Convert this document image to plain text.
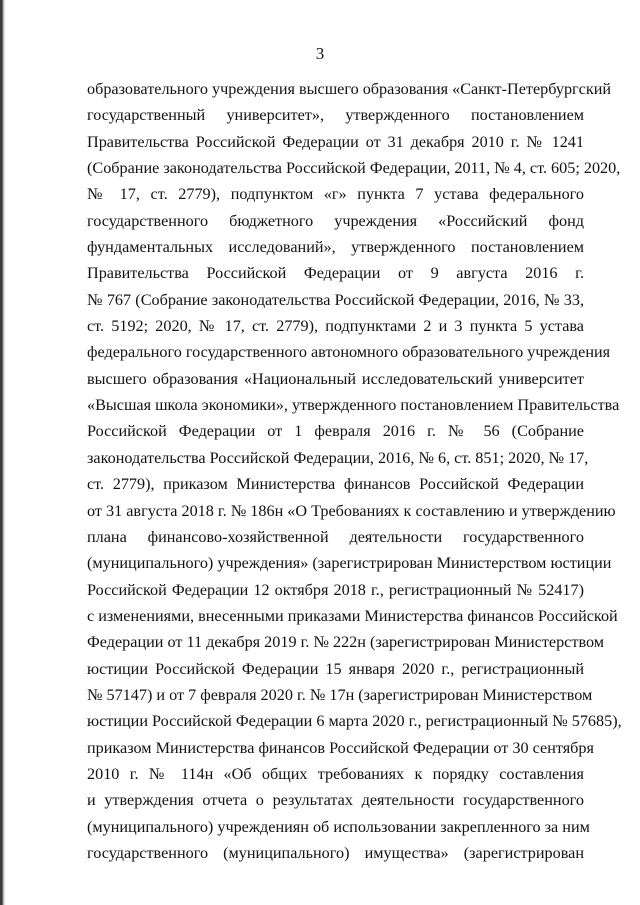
3
образовательного учреждения высшего образования «Санкт-Петербургский
государственный университет», утвержденного постановлением
Правительства Российской Федерации от 31 декабря 2010 г. № 1241
(Собрание законодательства Российской Федерации, 2011, № 4, ст. 605; 2020,
№ 17, ст. 2779), подпунктом «г» пункта 7 устава федерального
государственного бюджетного учреждения «Российский фонд
фундаментальных исследований», утвержденного постановлением
Правительства Российской Федерации от 9 августа 2016 г.
№ 767 (Собрание законодательства Российской Федерации, 2016, № 33,
ст. 5192; 2020, № 17, ст. 2779), подпунктами 2 и 3 пункта 5 устава
федерального государственного автономного образовательного учреждения
высшего образования «Национальный исследовательский университет
«Высшая школа экономики», утвержденного постановлением Правительства
Российской Федерации от 1 февраля 2016 г. № 56 (Собрание
законодательства Российской Федерации, 2016, № 6, ст. 851; 2020, № 17,
ст. 2779), приказом Министерства финансов Российской Федерации
от 31 августа 2018 г. № 186н «О Требованиях к составлению и утверждению
плана финансово-хозяйственной деятельности государственного
(муниципального) учреждения» (зарегистрирован Министерством юстиции
Российской Федерации 12 октября 2018 г., регистрационный № 52417)
с изменениями, внесенными приказами Министерства финансов Российской
Федерации от 11 декабря 2019 г. № 222н (зарегистрирован Министерством
юстиции Российской Федерации 15 января 2020 г., регистрационный
№ 57147) и от 7 февраля 2020 г. № 17н (зарегистрирован Министерством
юстиции Российской Федерации 6 марта 2020 г., регистрационный № 57685),
приказом Министерства финансов Российской Федерации от 30 сентября
2010 г. № 114н «Об общих требованиях к порядку составления
и утверждения отчета о результатах деятельности государственного
(муниципального) учреждениян об использовании закрепленного за ним
государственного (муниципального) имущества» (зарегистрирован
